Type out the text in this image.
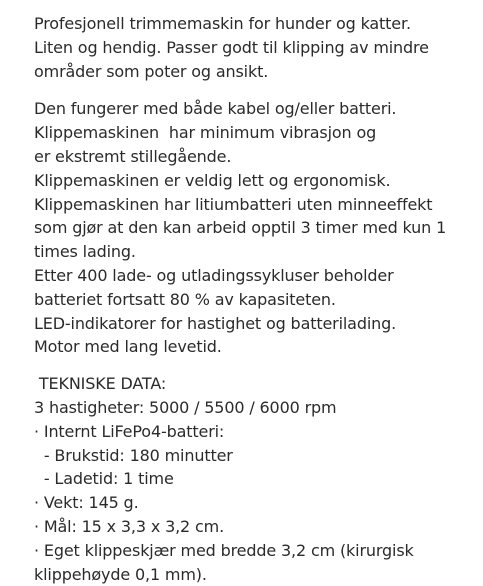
Profesjonell trimmemaskin for hunder og katter.
Liten og hendig. Passer godt til klipping av mindre
områder som poter og ansikt.
Den fungerer med både kabel og/eller batteri.
Klippemaskinen  har minimum vibrasjon og
er ekstremt stillegående.
Klippemaskinen er veldig lett og ergonomisk.
Klippemaskinen har litiumbatteri uten minneeffekt
som gjør at den kan arbeid opptil 3 timer med kun 1
times lading.
Etter 400 lade- og utladingssykluser beholder
batteriet fortsatt 80 % av kapasiteten.
LED-indikatorer for hastighet og batterilading.
Motor med lang levetid.
TEKNISKE DATA:
3 hastigheter: 5000 / 5500 / 6000 rpm
· Internt LiFePo4-batteri:
- Brukstid: 180 minutter
- Ladetid: 1 time
· Vekt: 145 g.
· Mål: 15 x 3,3 x 3,2 cm.
· Eget klippeskjær med bredde 3,2 cm (kirurgisk
klippehøyde 0,1 mm).
